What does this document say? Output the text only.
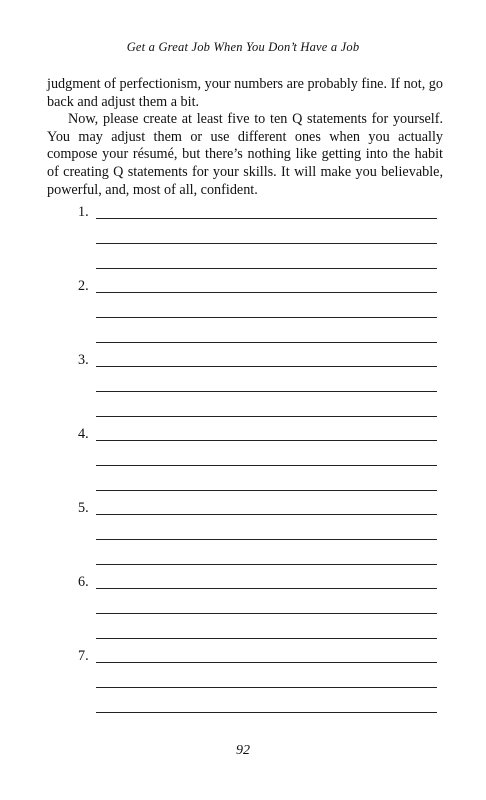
Get a Great Job When You Don’t Have a Job

judgment of perfectionism, your numbers are probably fine. If not, go back and adjust them a bit.

Now, please create at least five to ten Q statements for yourself. You may adjust them or use different ones when you actually compose your résumé, but there’s nothing like getting into the habit of creating Q statements for your skills. It will make you believable, powerful, and, most of all, confident.

1.
2.
3.
4.
5.
6.
7.
92
